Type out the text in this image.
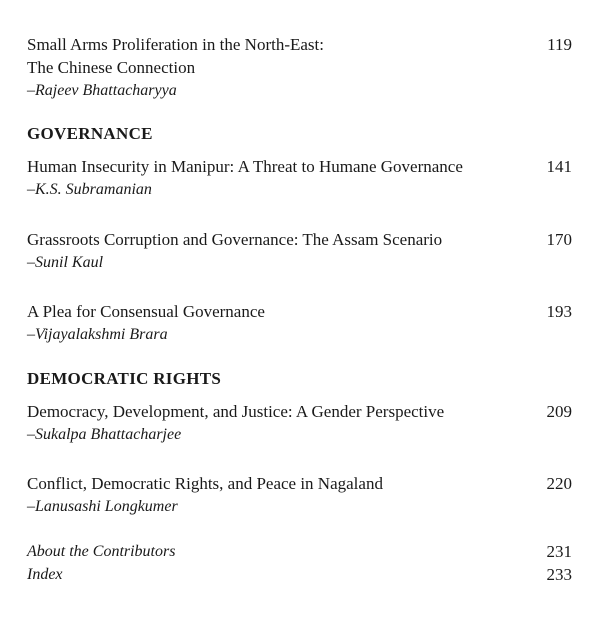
Small Arms Proliferation in the North-East:
The Chinese Connection
–Rajeev Bhattacharyya
119
GOVERNANCE
Human Insecurity in Manipur: A Threat to Humane Governance
–K.S. Subramanian
141
Grassroots Corruption and Governance: The Assam Scenario
–Sunil Kaul
170
A Plea for Consensual Governance
–Vijayalakshmi Brara
193
DEMOCRATIC RIGHTS
Democracy, Development, and Justice: A Gender Perspective
–Sukalpa Bhattacharjee
209
Conflict, Democratic Rights, and Peace in Nagaland
–Lanusashi Longkumer
220
About the Contributors	231
Index	233
